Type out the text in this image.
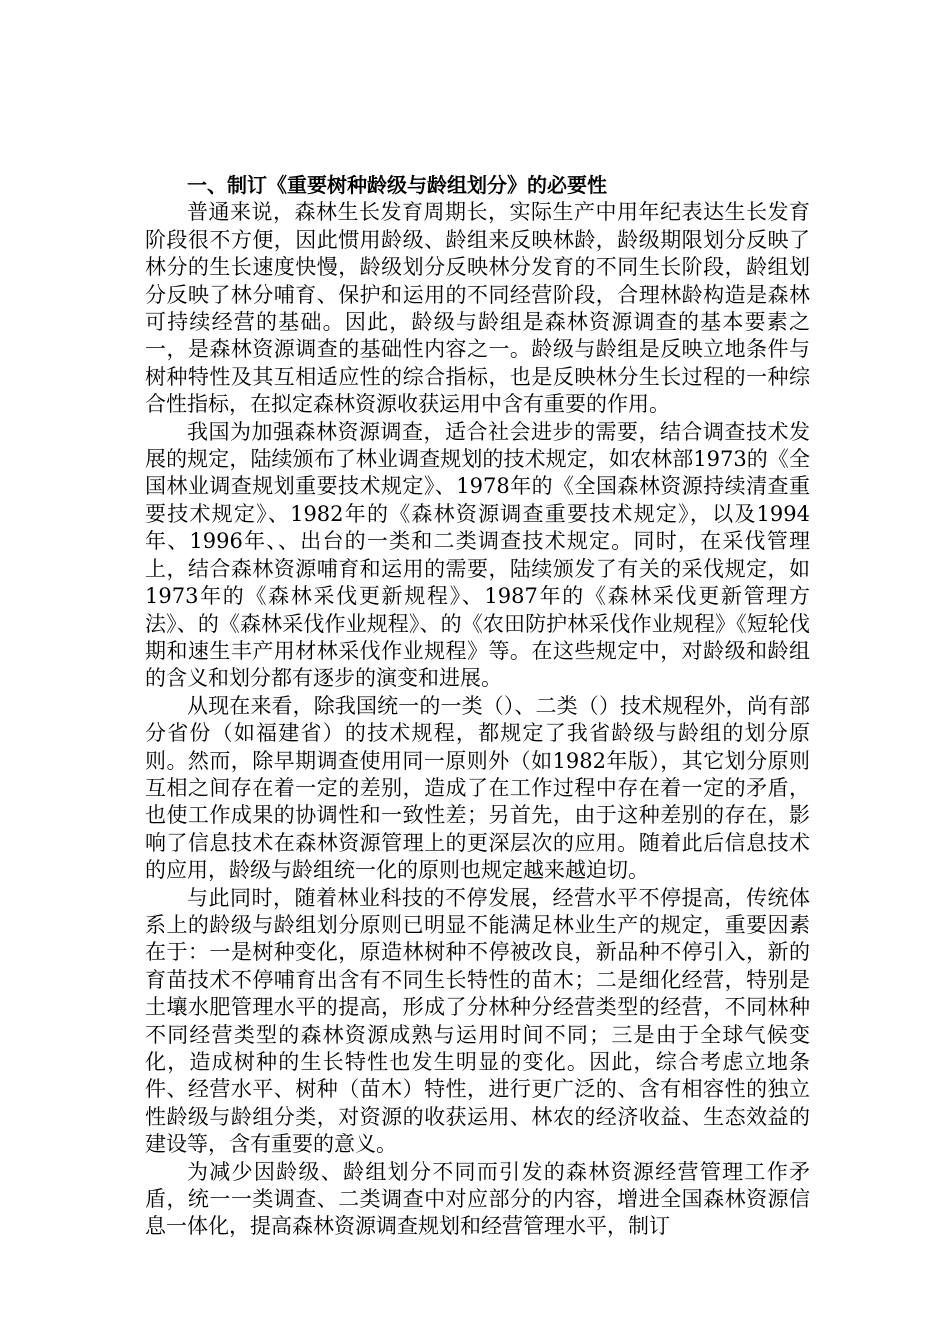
一、制订《重要树种龄级与龄组划分》的必要性

普通来说，森林生长发育周期长，实际生产中用年纪表达生长发育阶段很不方便，因此惯用龄级、龄组来反映林龄，龄级期限划分反映了林分的生长速度快慢，龄级划分反映林分发育的不同生长阶段，龄组划分反映了林分哺育、保护和运用的不同经营阶段，合理林龄构造是森林可持续经营的基础。因此，龄级与龄组是森林资源调查的基本要素之一，是森林资源调查的基础性内容之一。龄级与龄组是反映立地条件与树种特性及其互相适应性的综合指标，也是反映林分生长过程的一种综合性指标，在拟定森林资源收获运用中含有重要的作用。

我国为加强森林资源调查，适合社会进步的需要，结合调查技术发展的规定，陆续颁布了林业调查规划的技术规定，如农林部1973的《全国林业调查规划重要技术规定》、1978年的《全国森林资源持续清查重要技术规定》、1982年的《森林资源调查重要技术规定》，以及1994年、1996年、、出台的一类和二类调查技术规定。同时，在采伐管理上，结合森林资源哺育和运用的需要，陆续颁发了有关的采伐规定，如1973年的《森林采伐更新规程》、1987年的《森林采伐更新管理方法》、的《森林采伐作业规程》、的《农田防护林采伐作业规程》《短轮伐期和速生丰产用材林采伐作业规程》等。在这些规定中，对龄级和龄组的含义和划分都有逐步的演变和进展。

从现在来看，除我国统一的一类（）、二类（）技术规程外，尚有部分省份（如福建省）的技术规程，都规定了我省龄级与龄组的划分原则。然而，除早期调查使用同一原则外（如1982年版），其它划分原则互相之间存在着一定的差别，造成了在工作过程中存在着一定的矛盾，也使工作成果的协调性和一致性差；另首先，由于这种差别的存在，影响了信息技术在森林资源管理上的更深层次的应用。随着此后信息技术的应用，龄级与龄组统一化的原则也规定越来越迫切。

与此同时，随着林业科技的不停发展，经营水平不停提高，传统体系上的龄级与龄组划分原则已明显不能满足林业生产的规定，重要因素在于：一是树种变化，原造林树种不停被改良，新品种不停引入，新的育苗技术不停哺育出含有不同生长特性的苗木；二是细化经营，特别是土壤水肥管理水平的提高，形成了分林种分经营类型的经营，不同林种不同经营类型的森林资源成熟与运用时间不同；三是由于全球气候变化，造成树种的生长特性也发生明显的变化。因此，综合考虑立地条件、经营水平、树种（苗木）特性，进行更广泛的、含有相容性的独立性龄级与龄组分类，对资源的收获运用、林农的经济收益、生态效益的建设等，含有重要的意义。

为减少因龄级、龄组划分不同而引发的森林资源经营管理工作矛盾，统一一类调查、二类调查中对应部分的内容，增进全国森林资源信息一体化，提高森林资源调查规划和经营管理水平，制订
